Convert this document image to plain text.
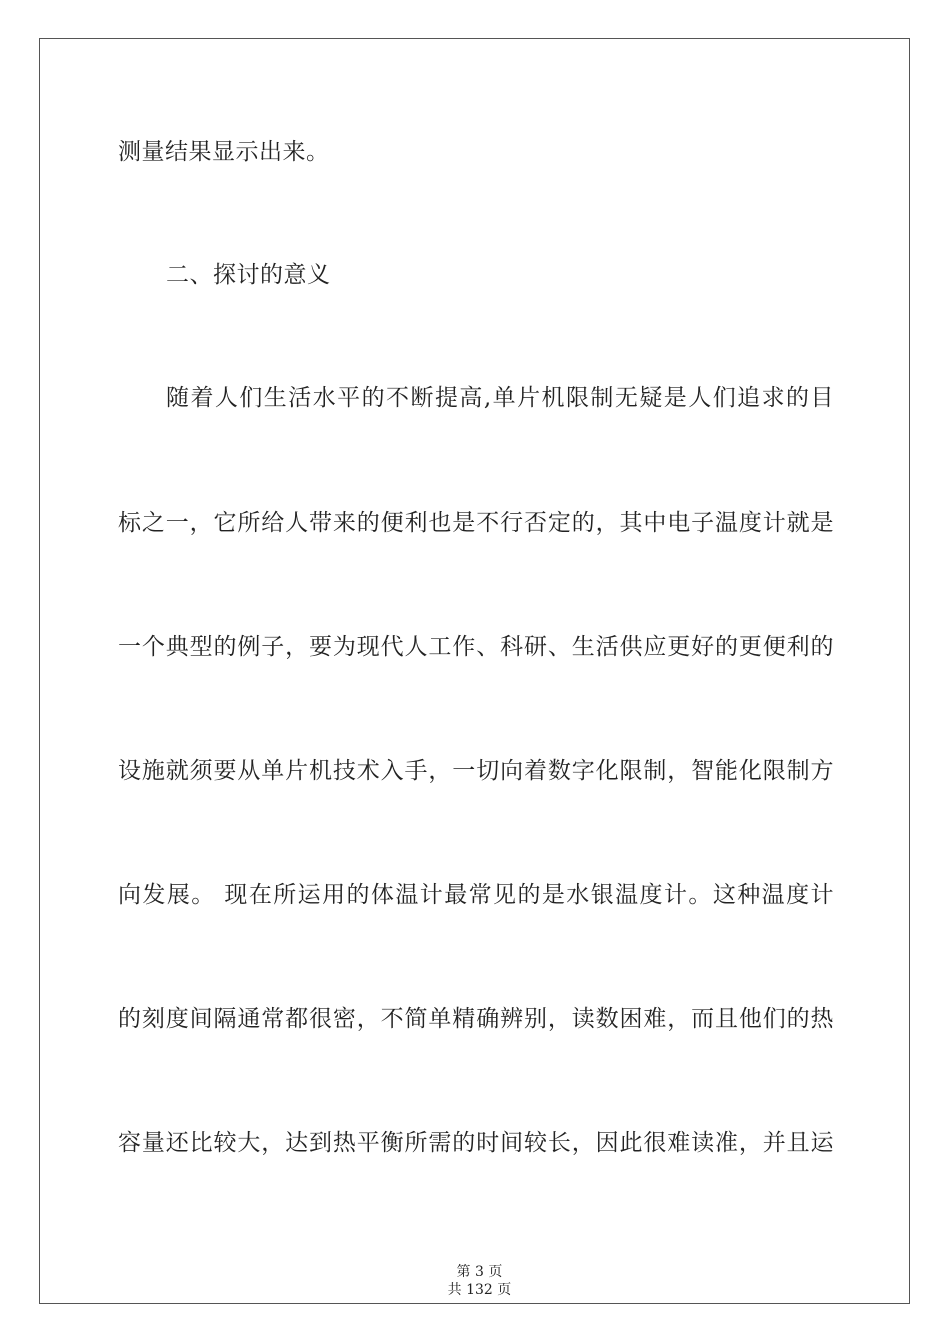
测量结果显示出来。
二、探讨的意义
随着人们生活水平的不断提高,单片机限制无疑是人们追求的目
标之一，它所给人带来的便利也是不行否定的，其中电子温度计就是
一个典型的例子，要为现代人工作、科研、生活供应更好的更便利的
设施就须要从单片机技术入手，一切向着数字化限制，智能化限制方
向发展。 现在所运用的体温计最常见的是水银温度计。这种温度计
的刻度间隔通常都很密，不简单精确辨别，读数困难，而且他们的热
容量还比较大，达到热平衡所需的时间较长，因此很难读准，并且运

第 3 页
共 132 页
